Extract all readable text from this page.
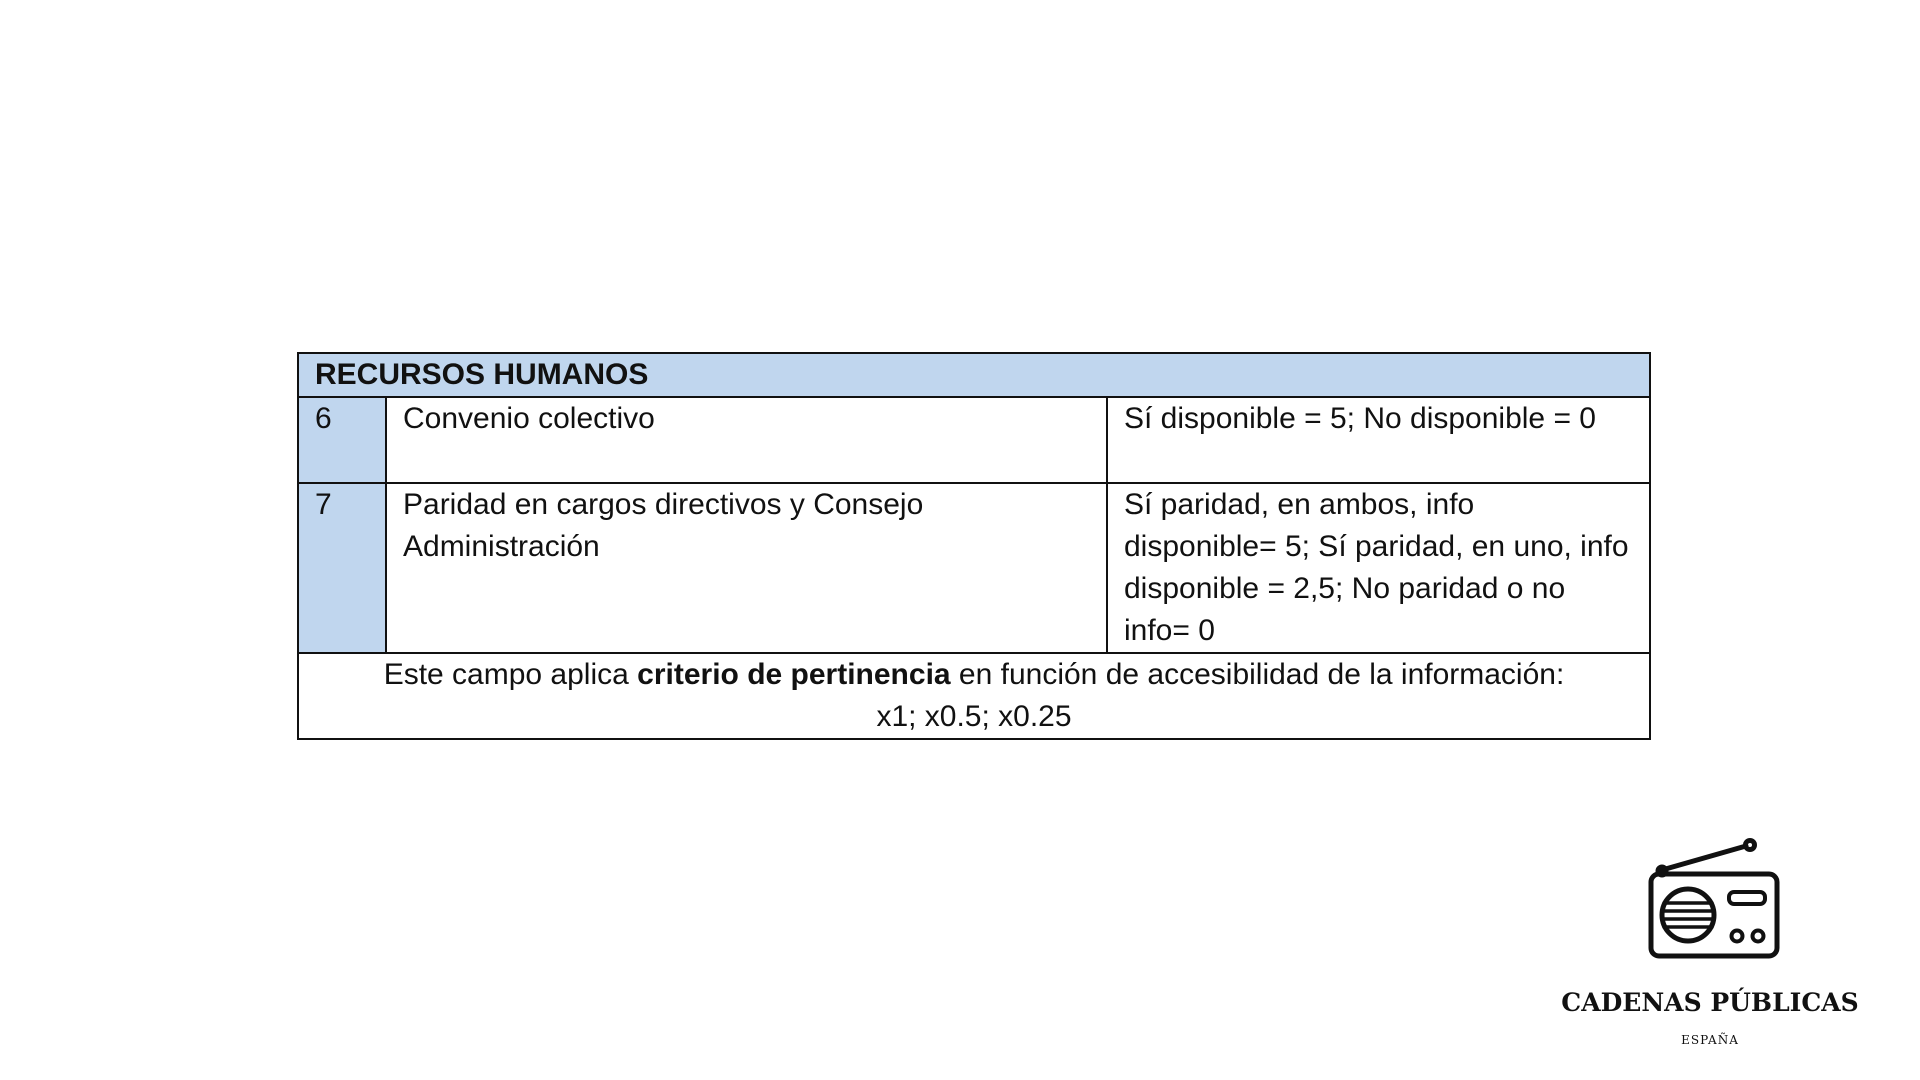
RECURSOS HUMANOS		
6	Convenio colectivo	Sí disponible = 5; No disponible = 0
7	Paridad en cargos directivos y Consejo Administración	Sí paridad, en ambos, info disponible= 5; Sí paridad, en uno, info disponible = 2,5; No paridad o no info= 0

Este campo aplica criterio de pertinencia en función de accesibilidad de la información:
x1; x0.5; x0.25		
CADENAS PÚBLICAS
ESPAÑA
